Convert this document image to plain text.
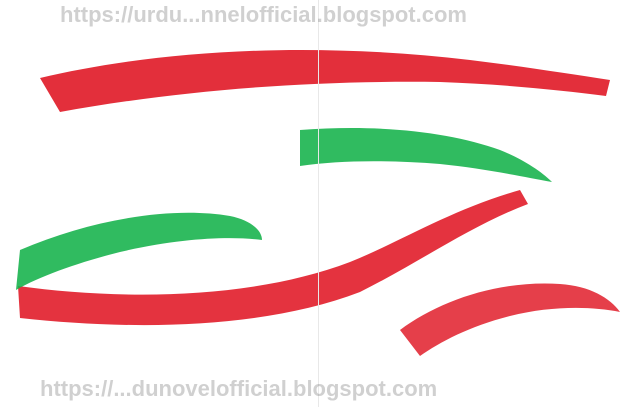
https://urdu...nnelofficial.blogspot.com
https://...dunovelofficial.blogspot.com
